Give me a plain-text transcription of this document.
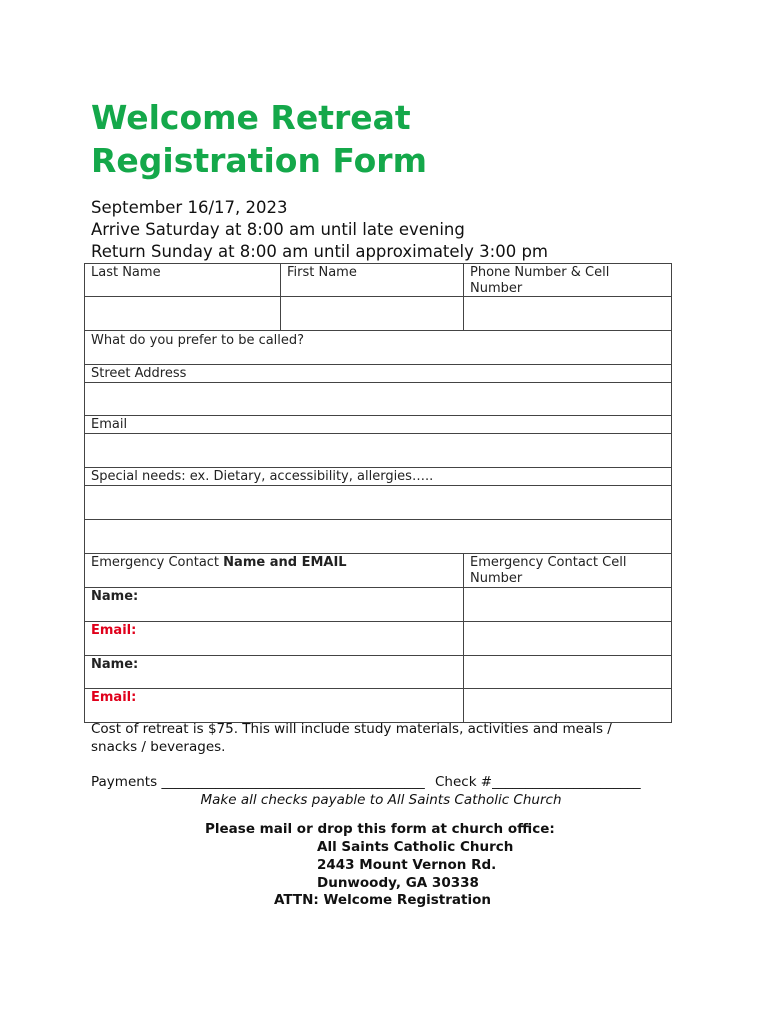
Welcome Retreat
Registration Form
September 16/17, 2023
Arrive Saturday at 8:00 am until late evening
Return Sunday at 8:00 am until approximately 3:00 pm
Last Name	First Name	Phone Number & Cell Number
What do you prefer to be called?
Street Address
Email
Special needs: ex. Dietary, accessibility, allergies…..
Emergency Contact Name and EMAIL	Emergency Contact Cell Number
Name:
Email:
Name:
Email:
Cost of retreat is $75. This will include study materials, activities and meals / snacks / beverages.
Payments _______________________________________ Check #______________________
Make all checks payable to All Saints Catholic Church
Please mail or drop this form at church office:
All Saints Catholic Church
2443 Mount Vernon Rd.
Dunwoody, GA 30338
ATTN: Welcome Registration
